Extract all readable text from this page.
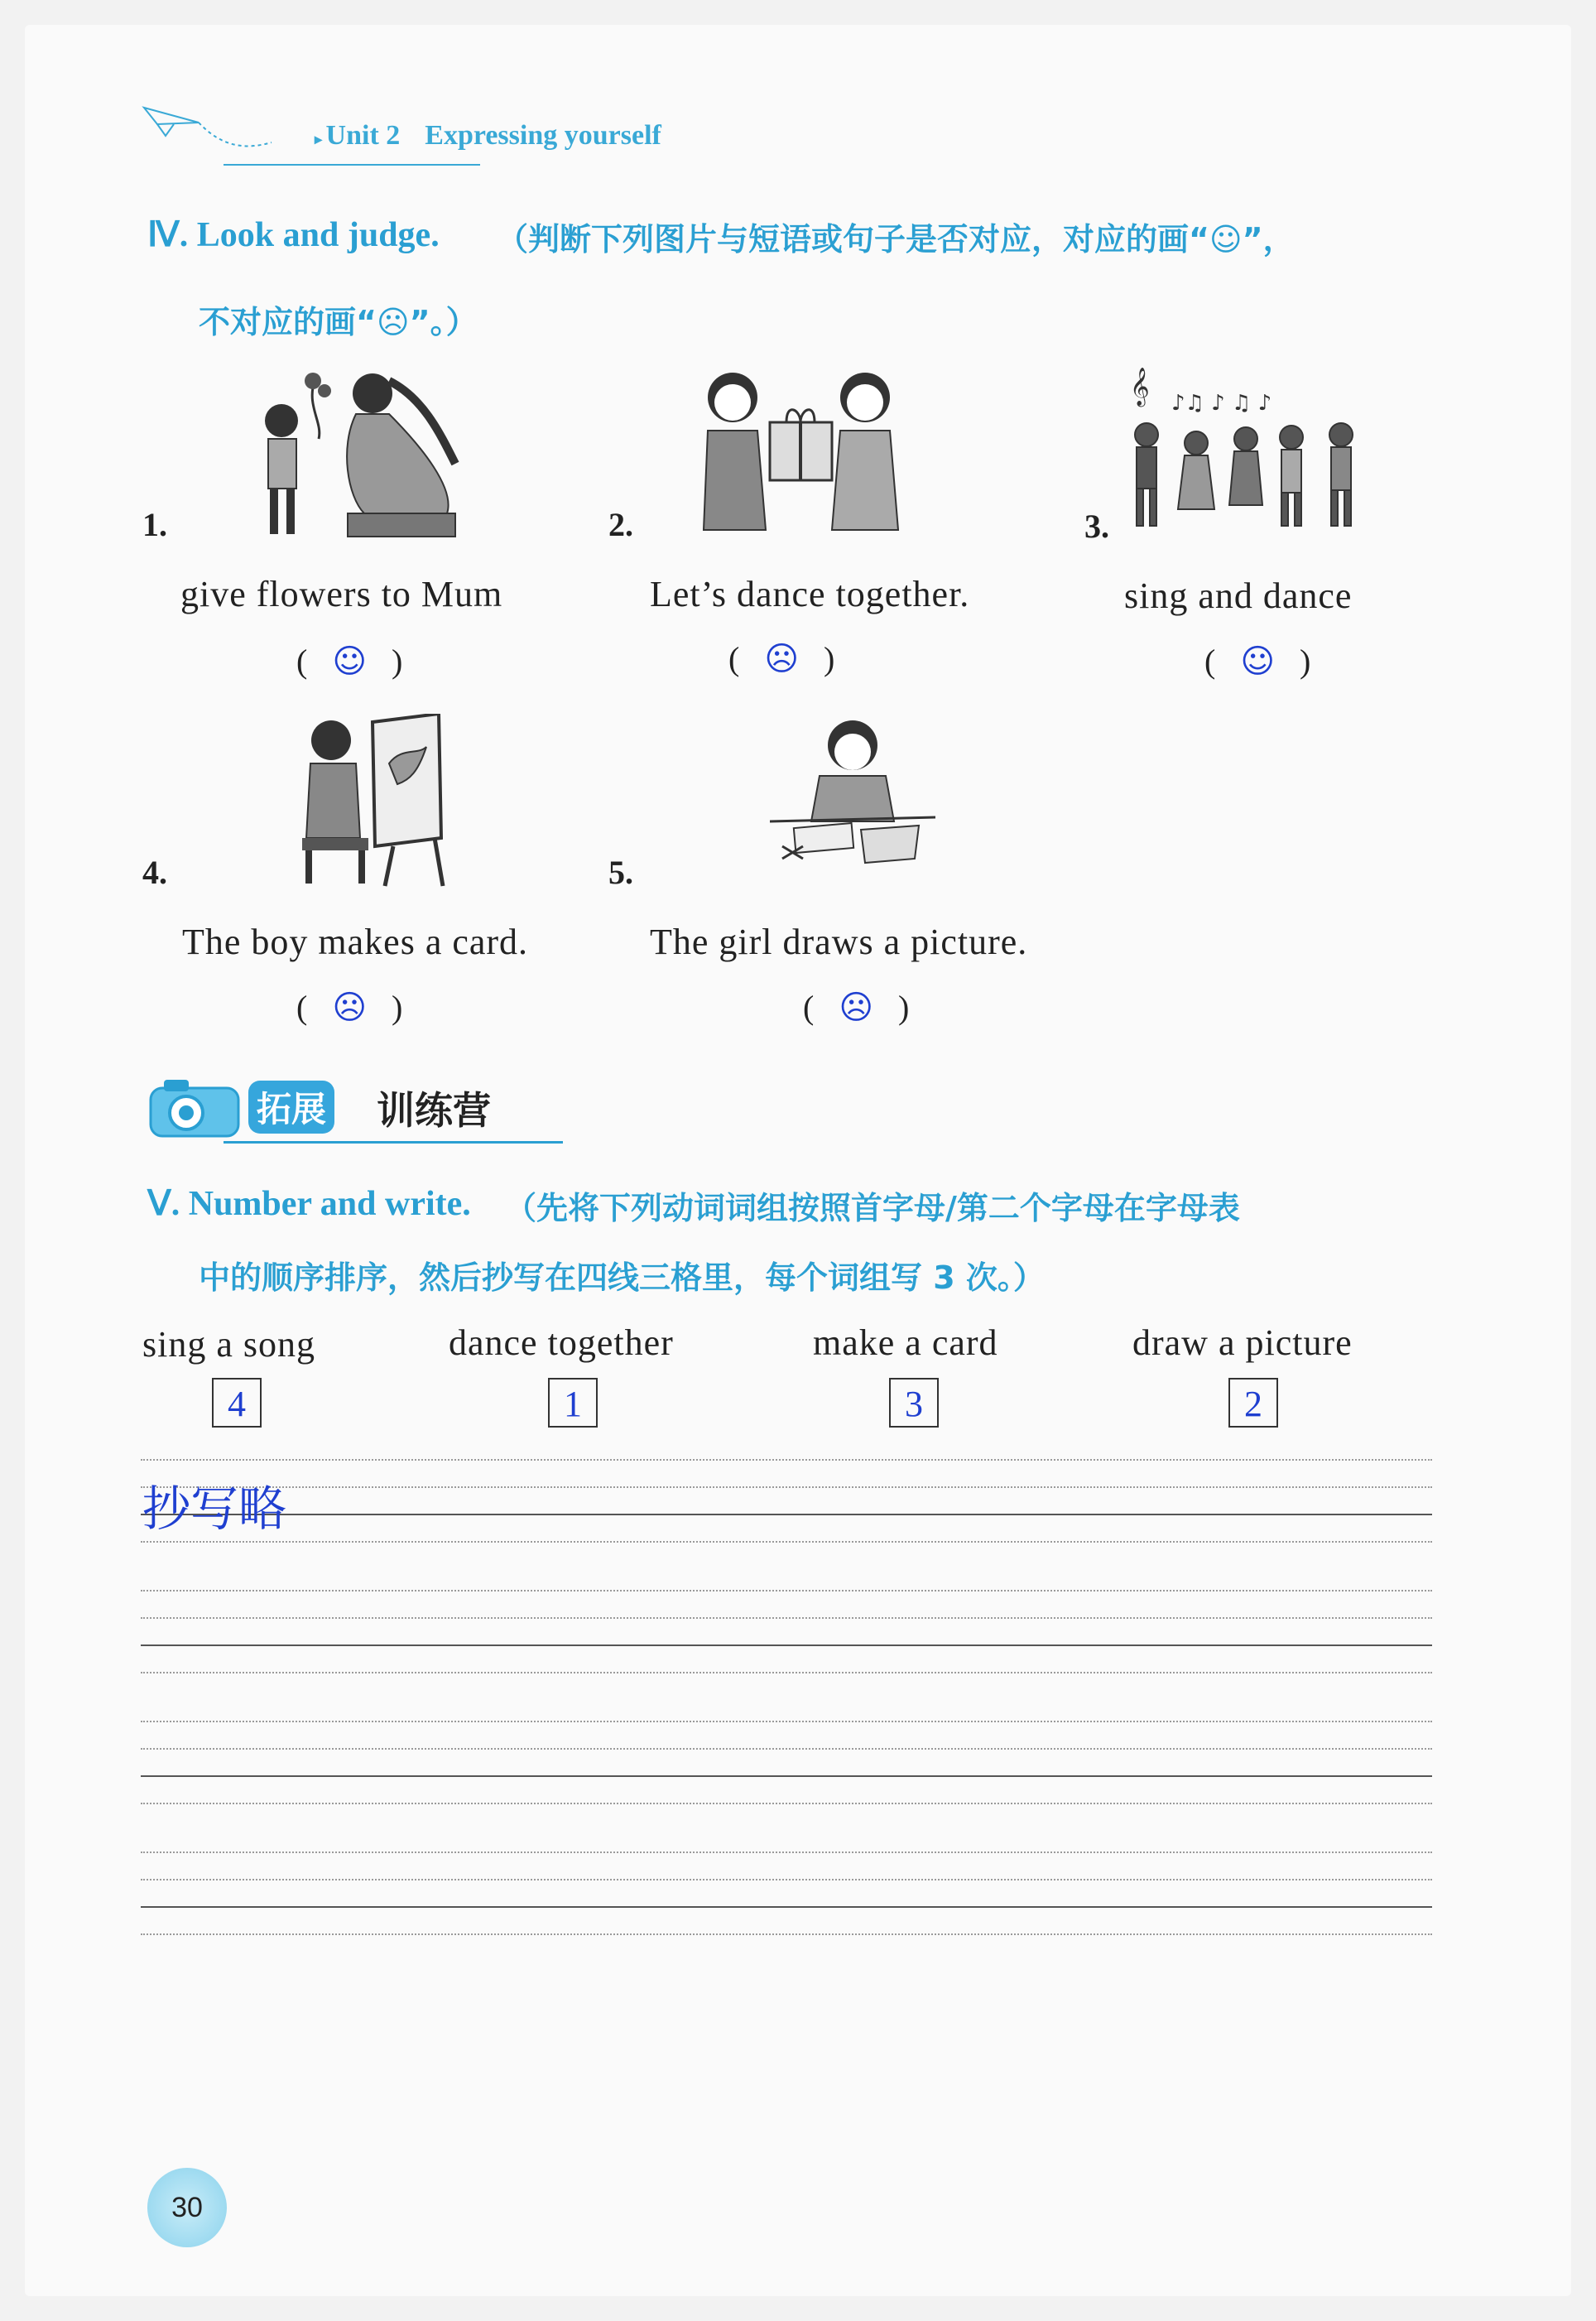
▸ Unit 2 Expressing yourself
Ⅳ. Look and judge. （判断下列图片与短语或句子是否对应，对应的画“☺”，
不对应的画“☹”。）
1.
give flowers to Mum
( ☺ )
2.
Let’s dance together.
( ☹ )
𝄞 ♪♫ ♪ ♫ ♪
3.
sing and dance
( ☺ )
4.
The boy makes a card.
( ☹ )
5.
The girl draws a picture.
( ☹ )
拓展 训练营
Ⅴ. Number and write. （先将下列动词词组按照首字母/第二个字母在字母表
中的顺序排序，然后抄写在四线三格里，每个词组写 3 次。）
sing a song	dance together	make a card	draw a picture
4	1	3	2
抄写略
30
